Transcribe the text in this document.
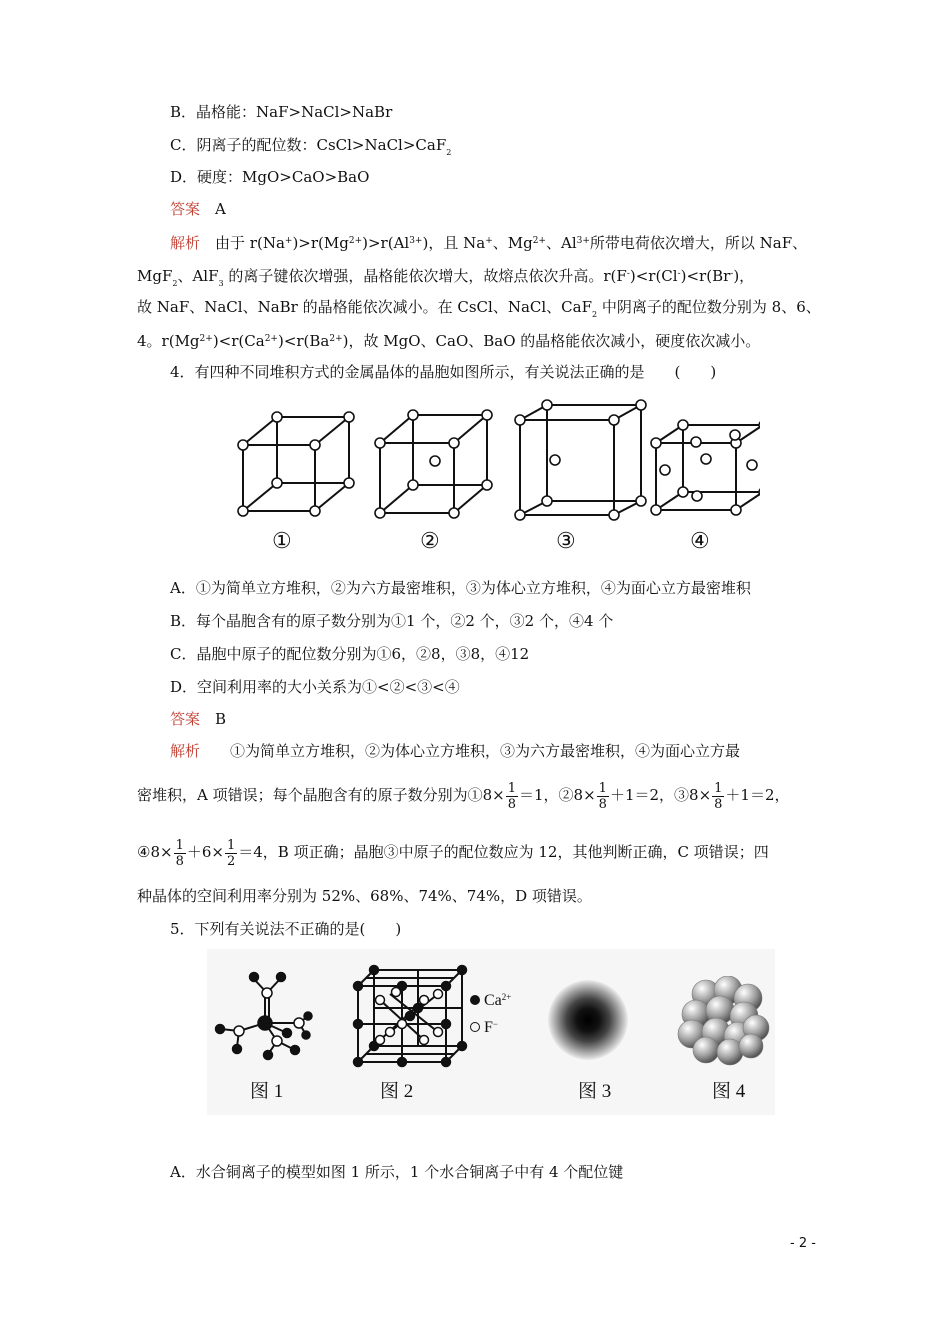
B．晶格能：NaF>NaCl>NaBr
C．阴离子的配位数：CsCl>NaCl>CaF$_2$
D．硬度：MgO>CaO>BaO
答案　 A
解析　 由于 $r(Na^+)>r(Mg^{2+})>r(Al^{3+})$，且 Na+、$Mg^{2+}$、$Al^{3+}$所带电荷依次增大，所以 NaF、
MgF$_2$、AlF$_3$ 的离子键依次增强，晶格能依次增大，故熔点依次升高。r(F-)<r(Cl-)<r(Br-)，
故 NaF、NaCl、NaBr 的晶格能依次减小。在 CsCl、NaCl、CaF$_2$ 中阴离子的配位数分别为 8、6、
4。$r(Mg^{2+})<r(Ca^{2+})<r(Ba^{2+})$，故 MgO、CaO、BaO 的晶格能依次减小，硬度依次减小。
4．有四种不同堆积方式的金属晶体的晶胞如图所示，有关说法正确的是　　(　　)
①	②	③	④
A．①为简单立方堆积，②为六方最密堆积，③为体心立方堆积，④为面心立方最密堆积
B．每个晶胞含有的原子数分别为①1 个，②2 个，③2 个，④4 个
C．晶胞中原子的配位数分别为①6，②8，③8，④12
D．空间利用率的大小关系为①<②<③<④
答案　 B
解析　　 ①为简单立方堆积，②为体心立方堆积，③为六方最密堆积，④为面心立方最
密堆积，A 项错误；每个晶胞含有的原子数分别为①8× $\frac{1}{8} =1$，②8× $\frac{1}{8} +1=2$，③8× $\frac{1}{8} +1=2$，
④8× $\frac{1}{8} +6\times \frac{1}{2} =4$，B 项正确；晶胞③中原子的配位数应为 12，其他判断正确，C 项错误；四
种晶体的空间利用率分别为 52%、68%、74%、74%，D 项错误。
5．下列有关说法不正确的是(　　)
$Ca^{2+}$
F−
图 1	图 2	图 3	图 4
A．水合铜离子的模型如图 1 所示，1 个水合铜离子中有 4 个配位键
- 2 -
